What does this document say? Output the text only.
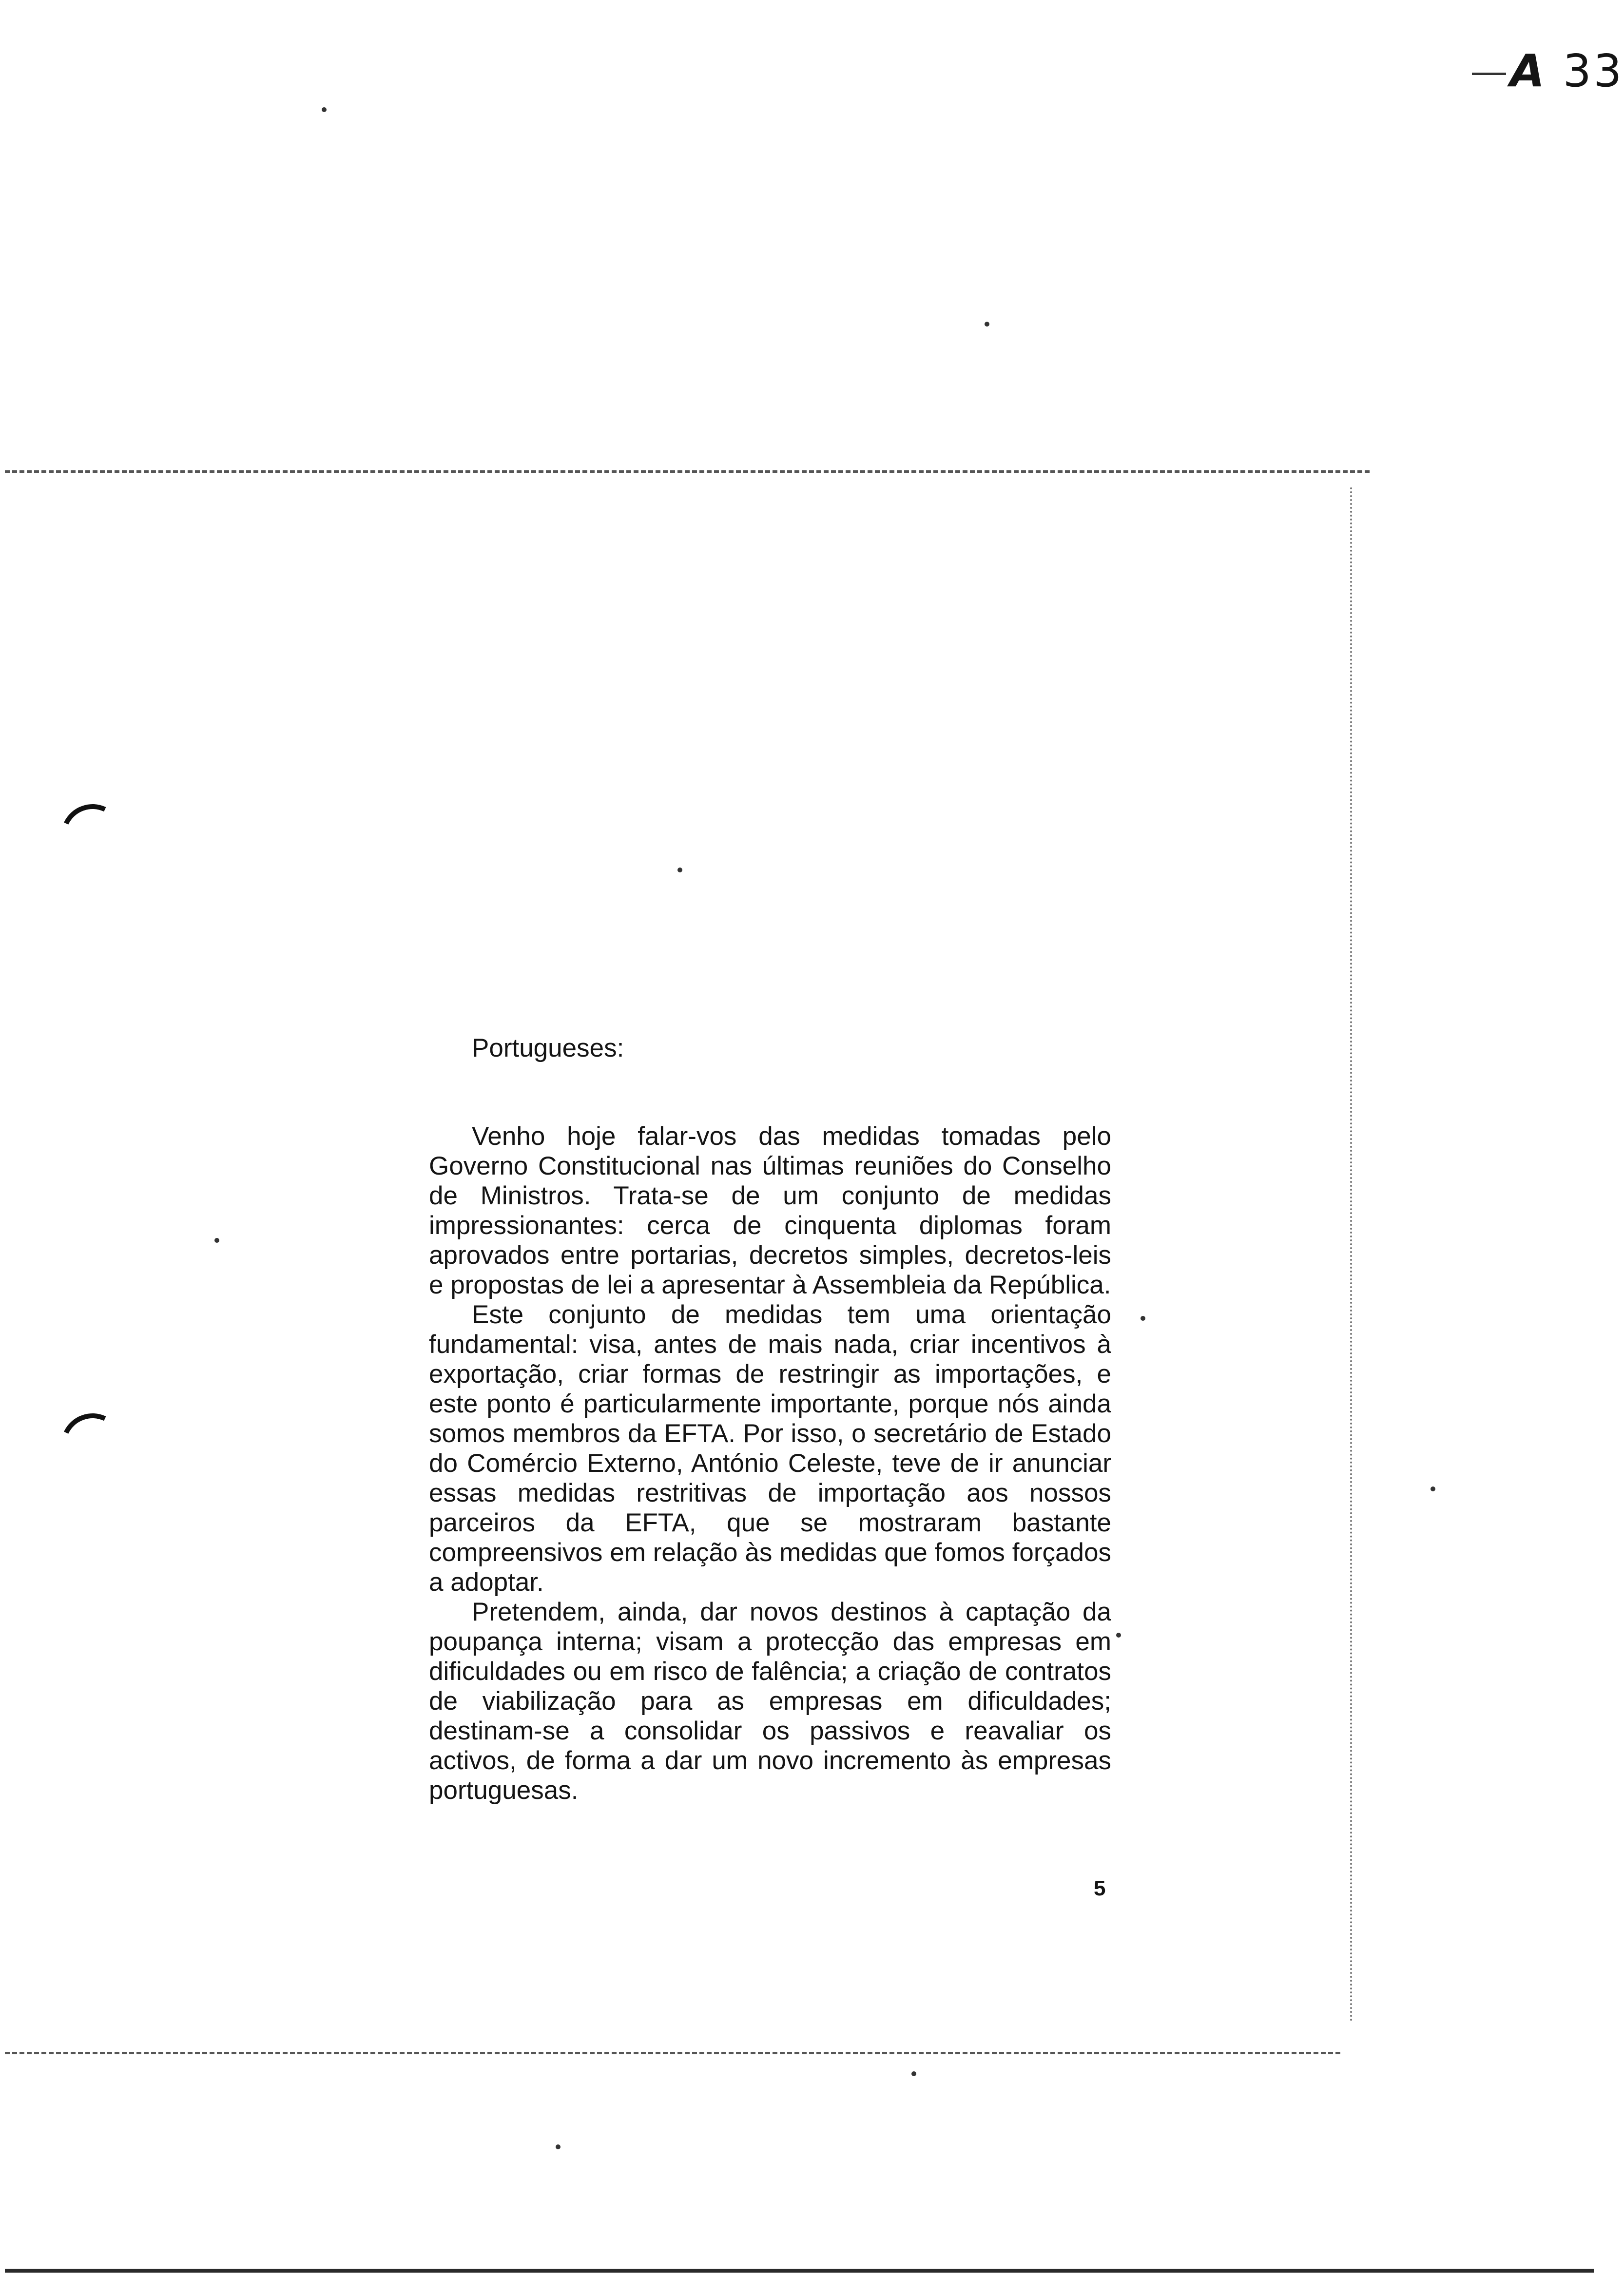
A 33

Portugueses:

Venho hoje falar-vos das medidas tomadas pelo Governo Constitucional nas últimas reuniões do Conselho de Ministros. Trata-se de um conjunto de medidas impressionantes: cerca de cinquenta diplomas foram aprovados entre portarias, decretos simples, decretos-leis e propostas de lei a apresentar à Assembleia da República.

Este conjunto de medidas tem uma orientação fundamental: visa, antes de mais nada, criar incentivos à exportação, criar formas de restringir as importações, e este ponto é particularmente importante, porque nós ainda somos membros da EFTA. Por isso, o secretário de Estado do Comércio Externo, António Celeste, teve de ir anunciar essas medidas restritivas de importação aos nossos parceiros da EFTA, que se mostraram bastante compreensivos em relação às medidas que fomos forçados a adoptar.

Pretendem, ainda, dar novos destinos à captação da poupança interna; visam a protecção das empresas em dificuldades ou em risco de falência; a criação de contratos de viabilização para as empresas em dificuldades; destinam-se a consolidar os passivos e reavaliar os activos, de forma a dar um novo incremento às empresas portuguesas.

5
